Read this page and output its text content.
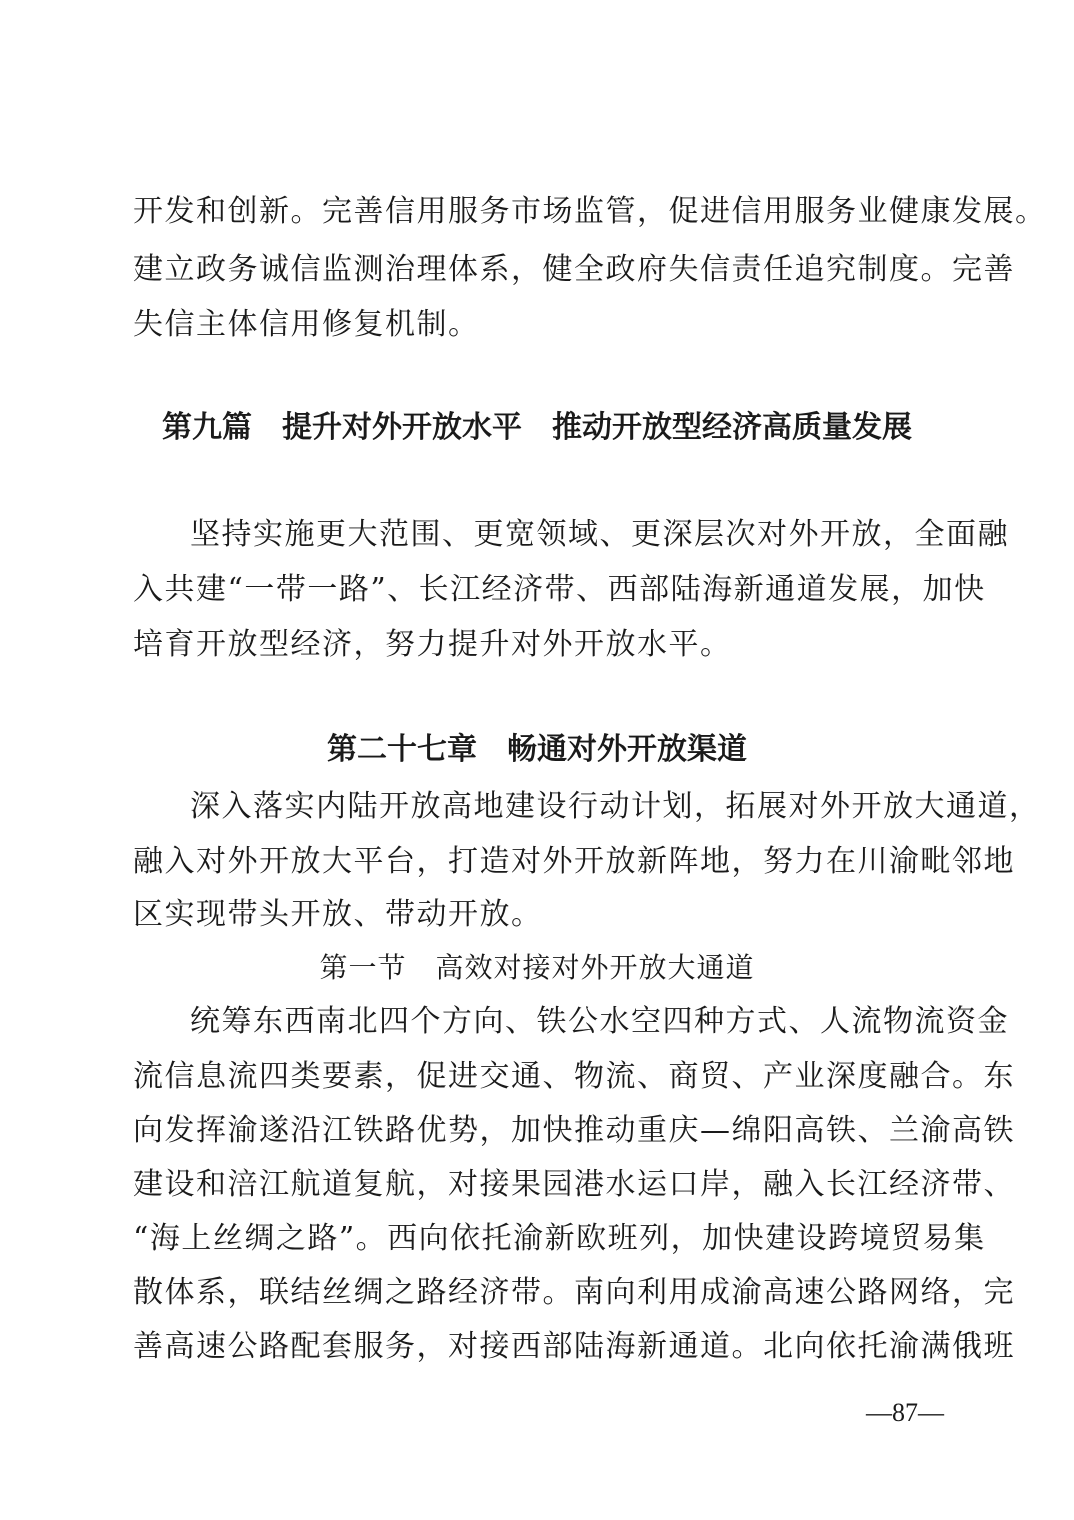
开发和创新。完善信用服务市场监管，促进信用服务业健康发展。
建立政务诚信监测治理体系，健全政府失信责任追究制度。完善
失信主体信用修复机制。
第九篇　提升对外开放水平　推动开放型经济高质量发展
坚持实施更大范围、更宽领域、更深层次对外开放，全面融
入共建“一带一路”、长江经济带、西部陆海新通道发展，加快
培育开放型经济，努力提升对外开放水平。
第二十七章　畅通对外开放渠道
深入落实内陆开放高地建设行动计划，拓展对外开放大通道，
融入对外开放大平台，打造对外开放新阵地，努力在川渝毗邻地
区实现带头开放、带动开放。
第一节　高效对接对外开放大通道
统筹东西南北四个方向、铁公水空四种方式、人流物流资金
流信息流四类要素，促进交通、物流、商贸、产业深度融合。东
向发挥渝遂沿江铁路优势，加快推动重庆—绵阳高铁、兰渝高铁
建设和涪江航道复航，对接果园港水运口岸，融入长江经济带、
“海上丝绸之路”。西向依托渝新欧班列，加快建设跨境贸易集
散体系，联结丝绸之路经济带。南向利用成渝高速公路网络，完
善高速公路配套服务，对接西部陆海新通道。北向依托渝满俄班
—87—
